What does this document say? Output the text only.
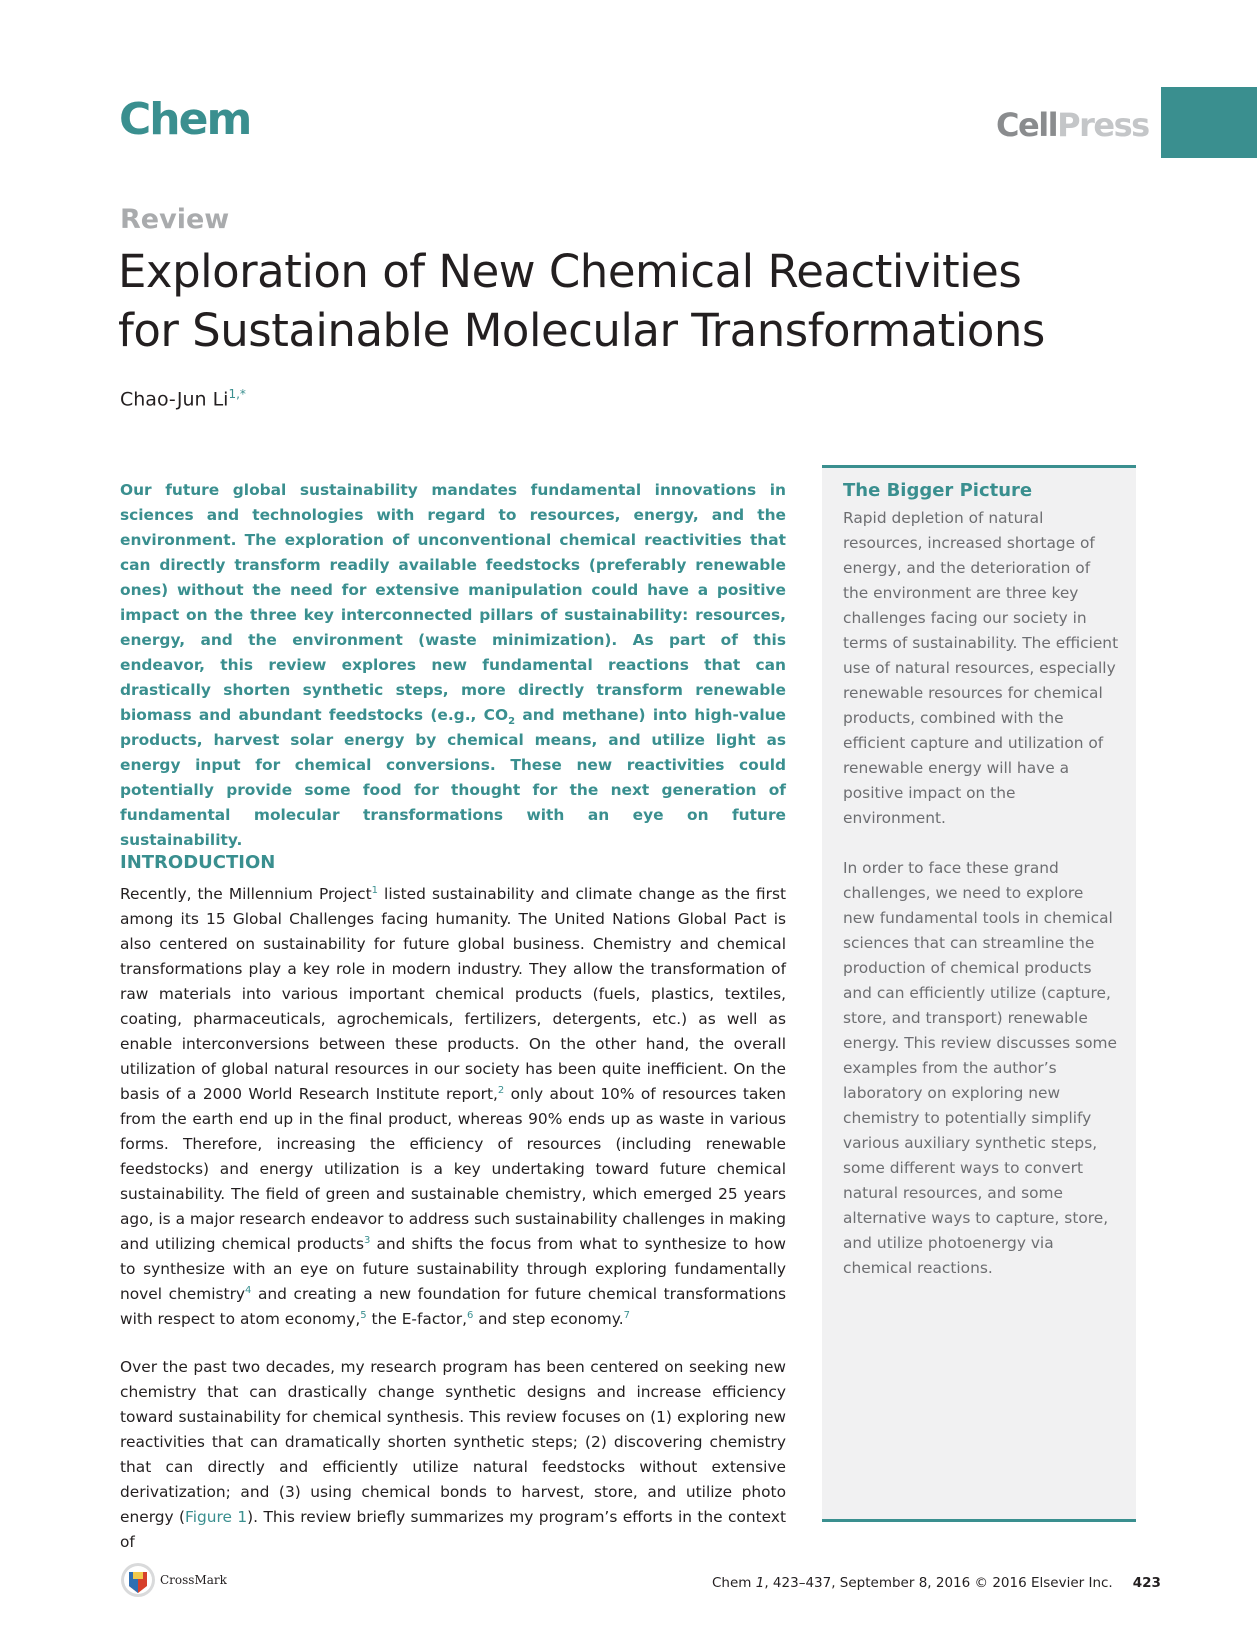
Chem	CellPress
Review
Exploration of New Chemical Reactivities
for Sustainable Molecular Transformations
Chao-Jun $Li^{1,*}$

Our future global sustainability mandates fundamental innovations in sciences and technologies with regard to resources, energy, and the environment. The exploration of unconventional chemical reactivities that can directly transform readily available feedstocks (preferably renewable ones) without the need for extensive manipulation could have a positive impact on the three key interconnected pillars of sustainability: resources, energy, and the environment (waste minimization). As part of this endeavor, this review explores new fundamental reactions that can drastically shorten synthetic steps, more directly transform renewable biomass and abundant feedstocks (e.g., $CO_2$ and methane) into high-value products, harvest solar energy by chemical means, and utilize light as energy input for chemical conversions. These new reactivities could potentially provide some food for thought for the next generation of fundamental molecular transformations with an eye on future sustainability.

INTRODUCTION

Recently, the Millennium Project$^1$ listed sustainability and climate change as the first among its 15 Global Challenges facing humanity. The United Nations Global Pact is also centered on sustainability for future global business. Chemistry and chemical transformations play a key role in modern industry. They allow the transformation of raw materials into various important chemical products (fuels, plastics, textiles, coating, pharmaceuticals, agrochemicals, fertilizers, detergents, etc.) as well as enable interconversions between these products. On the other hand, the overall utilization of global natural resources in our society has been quite inefficient. On the basis of a 2000 World Research Institute report,$^2$ only about 10% of resources taken from the earth end up in the final product, whereas 90% ends up as waste in various forms. Therefore, increasing the efficiency of resources (including renewable feedstocks) and energy utilization is a key undertaking toward future chemical sustainability. The field of green and sustainable chemistry, which emerged 25 years ago, is a major research endeavor to address such sustainability challenges in making and utilizing chemical products$^3$ and shifts the focus from what to synthesize to how to synthesize with an eye on future sustainability through exploring fundamentally novel chemistry$^4$ and creating a new foundation for future chemical transformations with respect to atom economy,$^5$ the E-factor,$^6$ and step economy.$^7$

Over the past two decades, my research program has been centered on seeking new chemistry that can drastically change synthetic designs and increase efficiency toward sustainability for chemical synthesis. This review focuses on (1) exploring new reactivities that can dramatically shorten synthetic steps; (2) discovering chemistry that can directly and efficiently utilize natural feedstocks without extensive derivatization; and (3) using chemical bonds to harvest, store, and utilize photo energy (Figure 1). This review briefly summarizes my program’s efforts in the context of

The Bigger Picture

Rapid depletion of natural resources, increased shortage of energy, and the deterioration of the environment are three key challenges facing our society in terms of sustainability. The efficient use of natural resources, especially renewable resources for chemical products, combined with the efficient capture and utilization of renewable energy will have a positive impact on the environment.

In order to face these grand challenges, we need to explore new fundamental tools in chemical sciences that can streamline the production of chemical products and can efficiently utilize (capture, store, and transport) renewable energy. This review discusses some examples from the author’s laboratory on exploring new chemistry to potentially simplify various auxiliary synthetic steps, some different ways to convert natural resources, and some alternative ways to capture, store, and utilize photoenergy via chemical reactions.

CrossMark	Chem 1, 423–437, September 8, 2016 © 2016 Elsevier Inc. 423
